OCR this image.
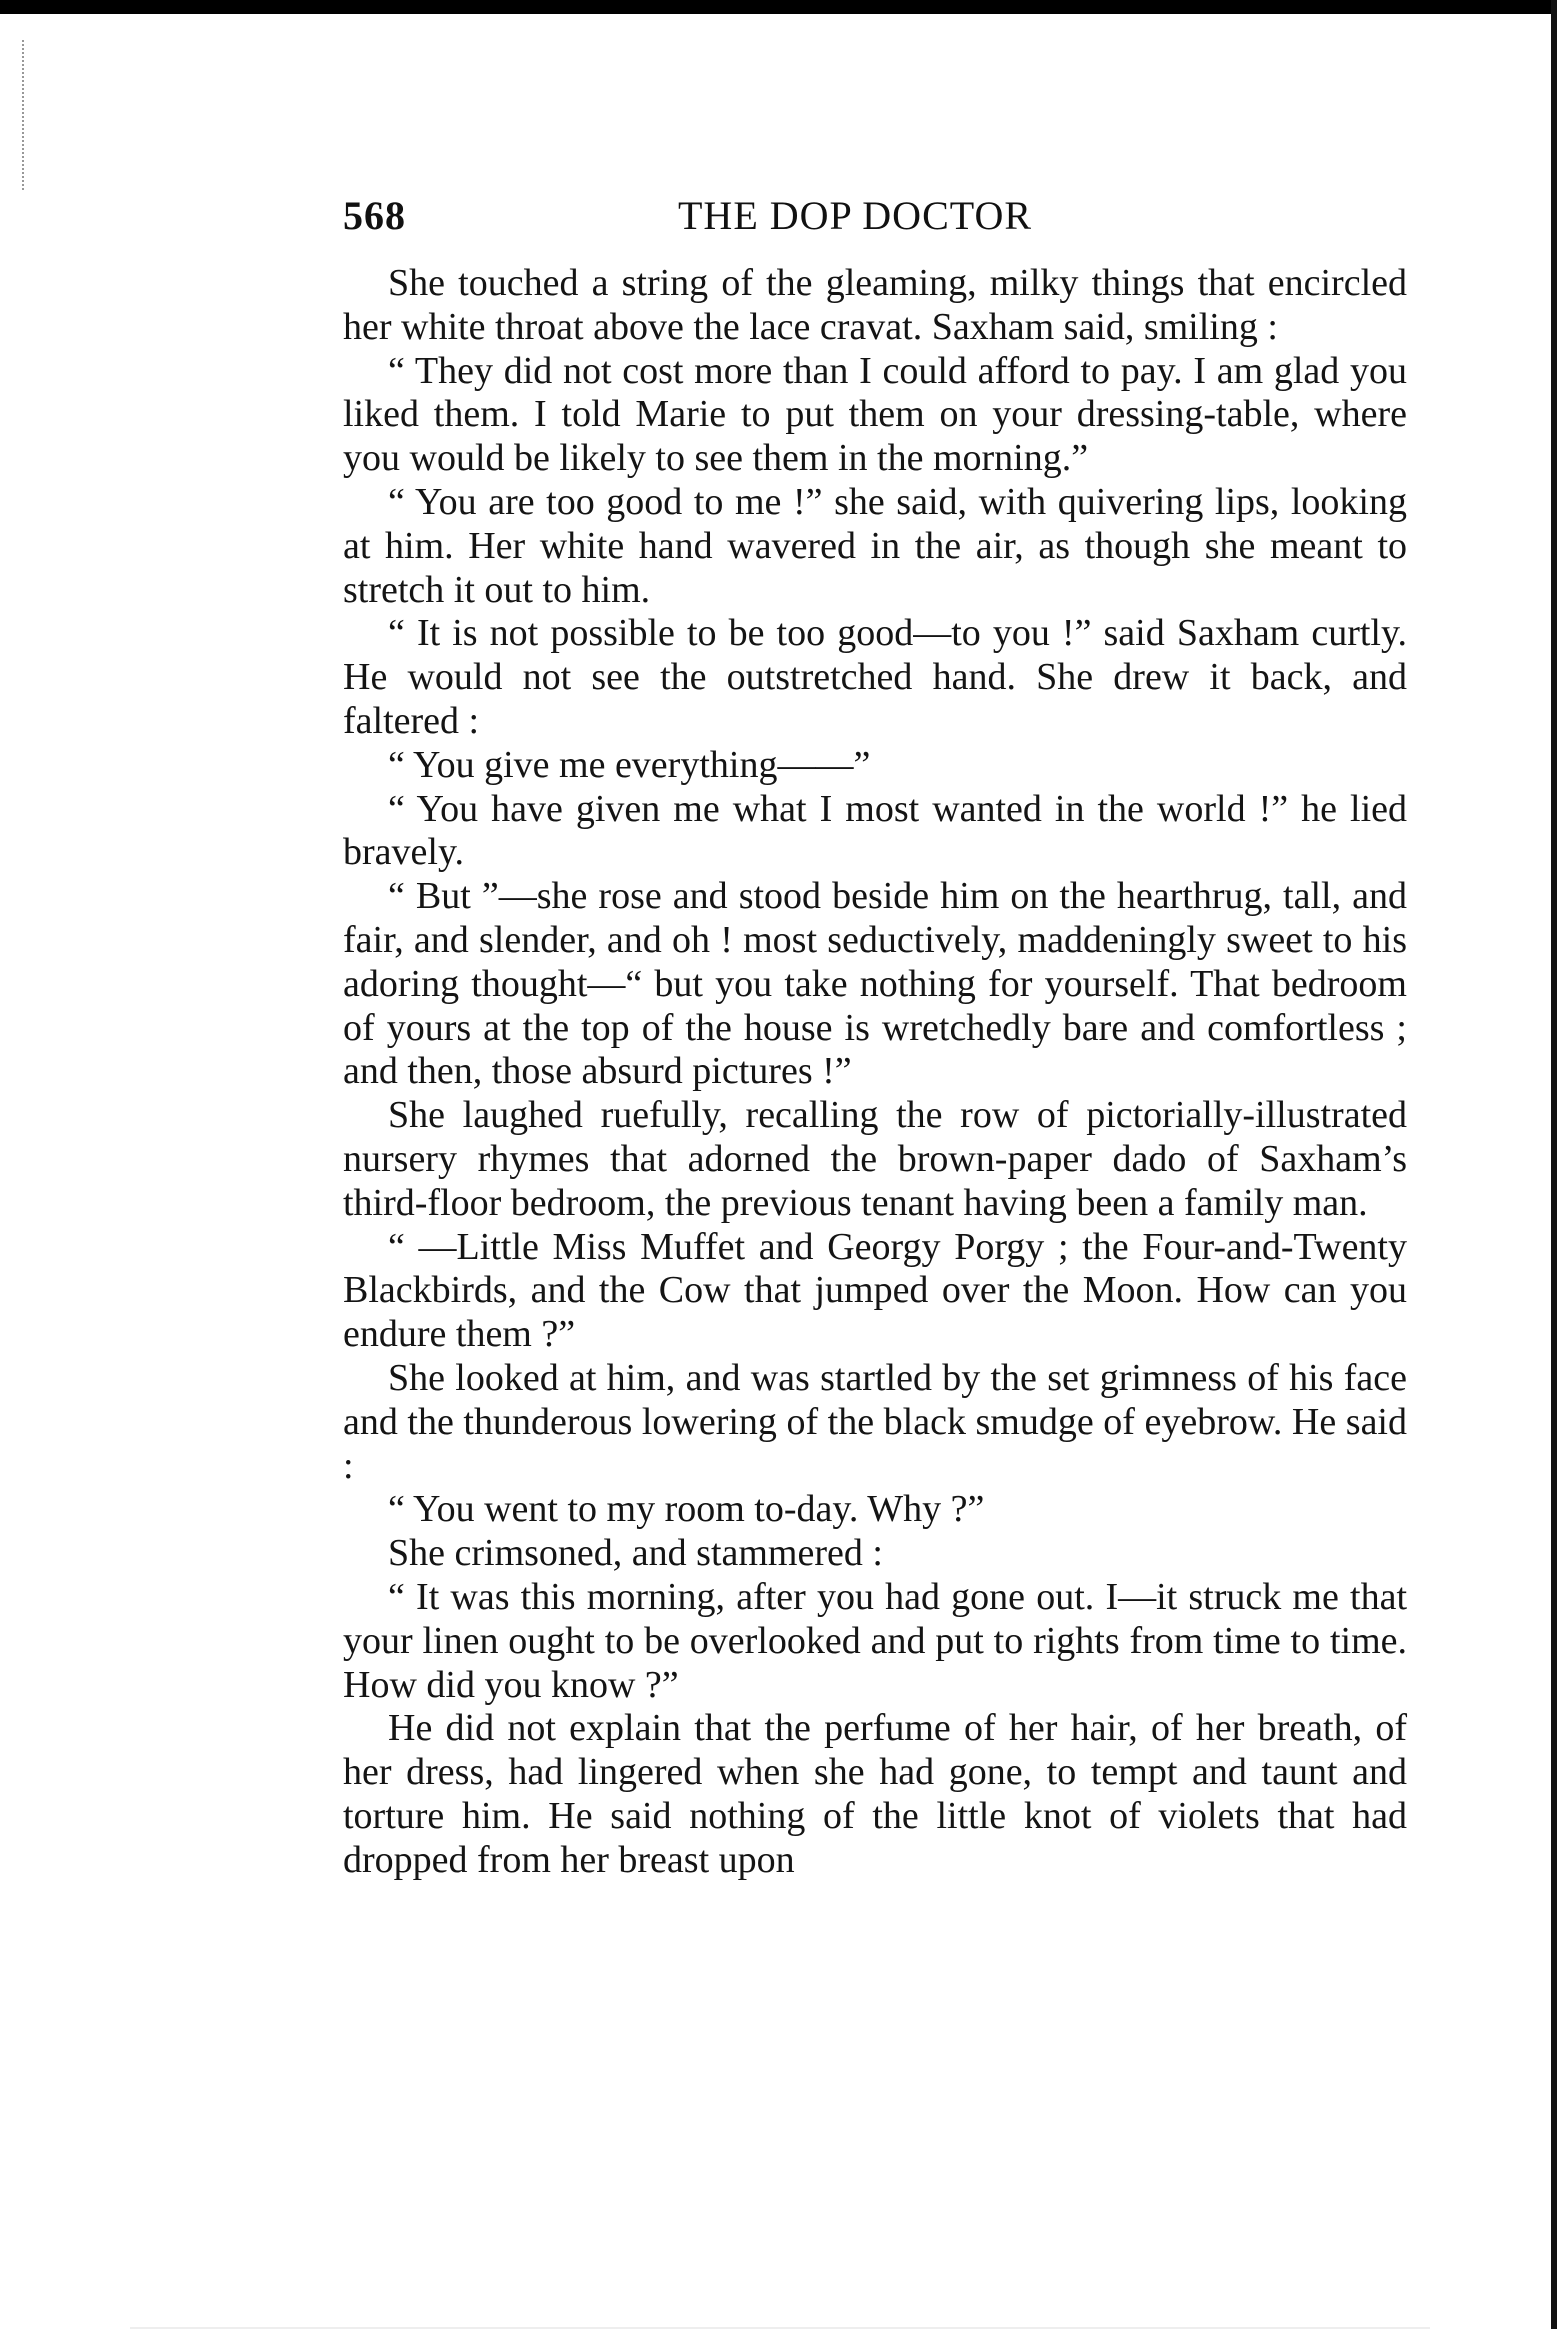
568	THE DOP DOCTOR

She touched a string of the gleaming, milky things that encircled her white throat above the lace cravat. Saxham said, smiling :

“ They did not cost more than I could afford to pay. I am glad you liked them. I told Marie to put them on your dressing-table, where you would be likely to see them in the morning.”

“ You are too good to me !” she said, with quivering lips, looking at him. Her white hand wavered in the air, as though she meant to stretch it out to him.

“ It is not possible to be too good—to you !” said Saxham curtly. He would not see the outstretched hand. She drew it back, and faltered :

“ You give me everything——”

“ You have given me what I most wanted in the world !” he lied bravely.

“ But ”—she rose and stood beside him on the hearthrug, tall, and fair, and slender, and oh ! most seductively, maddeningly sweet to his adoring thought—“ but you take nothing for yourself. That bedroom of yours at the top of the house is wretchedly bare and comfortless ; and then, those absurd pictures !”

She laughed ruefully, recalling the row of pictorially-illustrated nursery rhymes that adorned the brown-paper dado of Saxham’s third-floor bedroom, the previous tenant having been a family man.

“ —Little Miss Muffet and Georgy Porgy ; the Four-and-Twenty Blackbirds, and the Cow that jumped over the Moon. How can you endure them ?”

She looked at him, and was startled by the set grimness of his face and the thunderous lowering of the black smudge of eyebrow. He said :

“ You went to my room to-day. Why ?”

She crimsoned, and stammered :

“ It was this morning, after you had gone out. I—it struck me that your linen ought to be overlooked and put to rights from time to time. How did you know ?”

He did not explain that the perfume of her hair, of her breath, of her dress, had lingered when she had gone, to tempt and taunt and torture him. He said nothing of the little knot of violets that had dropped from her breast upon
